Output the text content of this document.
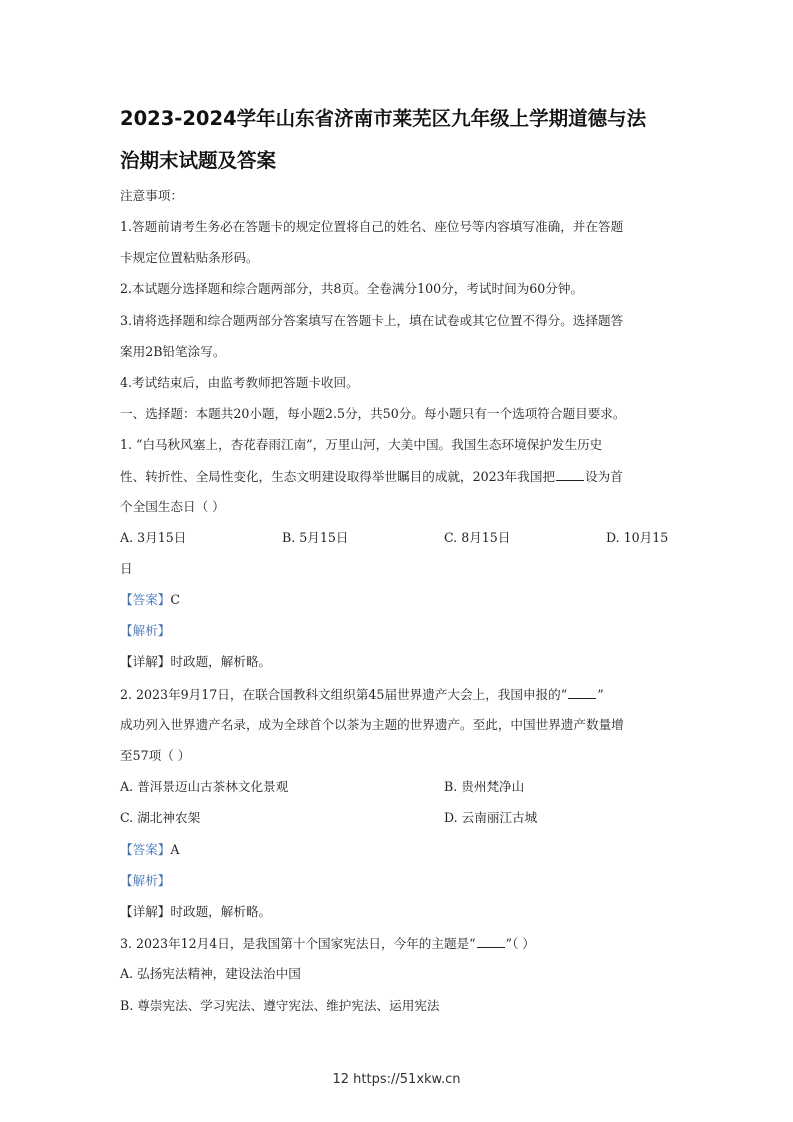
2023-2024学年山东省济南市莱芜区九年级上学期道德与法
治期末试题及答案
注意事项：
1.答题前请考生务必在答题卡的规定位置将自己的姓名、座位号等内容填写准确，并在答题
卡规定位置粘贴条形码。
2.本试题分选择题和综合题两部分，共8页。全卷满分100分，考试时间为60分钟。
3.请将选择题和综合题两部分答案填写在答题卡上，填在试卷或其它位置不得分。选择题答
案用2B铅笔涂写。
4.考试结束后，由监考教师把答题卡收回。
一、选择题：本题共20小题，每小题2.5分，共50分。每小题只有一个选项符合题目要求。
1. “白马秋风塞上，杏花春雨江南”，万里山河，大美中国。我国生态环境保护发生历史
性、转折性、全局性变化，生态文明建设取得举世瞩目的成就，2023年我国把 设为首
个全国生态日（ ）
A. 3月15日	B. 5月15日	C. 8月15日	D. 10月15
日
【答案】C
【解析】
【详解】时政题，解析略。
2. 2023年9月17日，在联合国教科文组织第45届世界遗产大会上，我国申报的“ ”
成功列入世界遗产名录，成为全球首个以茶为主题的世界遗产。至此，中国世界遗产数量增
至57项（ ）
A. 普洱景迈山古茶林文化景观	B. 贵州梵净山
C. 湖北神农架	D. 云南丽江古城
【答案】A
【解析】
【详解】时政题，解析略。
3. 2023年12月4日，是我国第十个国家宪法日，今年的主题是“ ”（ ）
A. 弘扬宪法精神，建设法治中国
B. 尊崇宪法、学习宪法、遵守宪法、维护宪法、运用宪法
12 https://51xkw.cn
